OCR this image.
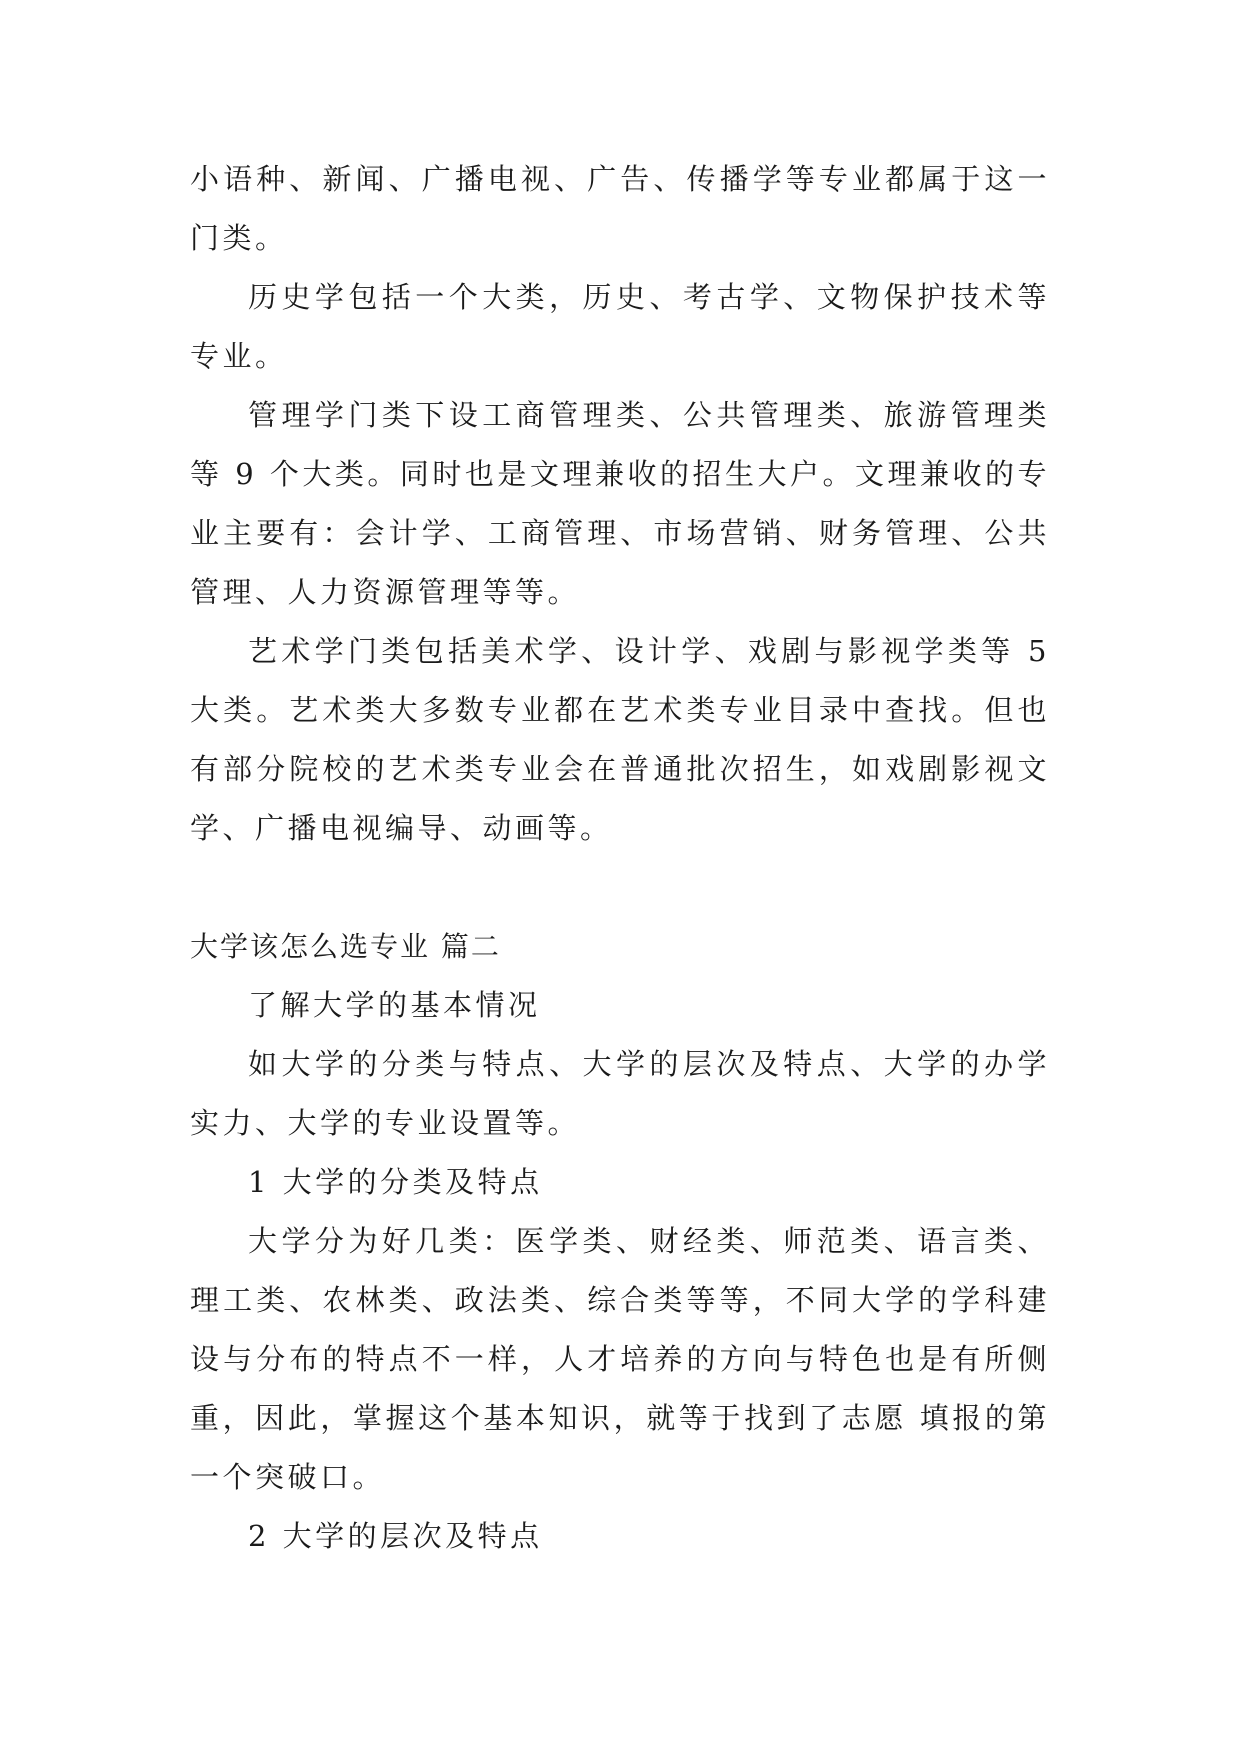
小语种、新闻、广播电视、广告、传播学等专业都属于这一门类。

历史学包括一个大类，历史、考古学、文物保护技术等专业。

管理学门类下设工商管理类、公共管理类、旅游管理类等 9 个大类。同时也是文理兼收的招生大户。文理兼收的专业主要有：会计学、工商管理、市场营销、财务管理、公共管理、人力资源管理等等。

艺术学门类包括美术学、设计学、戏剧与影视学类等 5 大类。艺术类大多数专业都在艺术类专业目录中查找。但也有部分院校的艺术类专业会在普通批次招生，如戏剧影视文学、广播电视编导、动画等。

大学该怎么选专业 篇二

了解大学的基本情况

如大学的分类与特点、大学的层次及特点、大学的办学实力、大学的专业设置等。

1 大学的分类及特点

大学分为好几类：医学类、财经类、师范类、语言类、理工类、农林类、政法类、综合类等等，不同大学的学科建设与分布的特点不一样，人才培养的方向与特色也是有所侧重，因此，掌握这个基本知识，就等于找到了志愿 填报的第一个突破口。

2 大学的层次及特点
